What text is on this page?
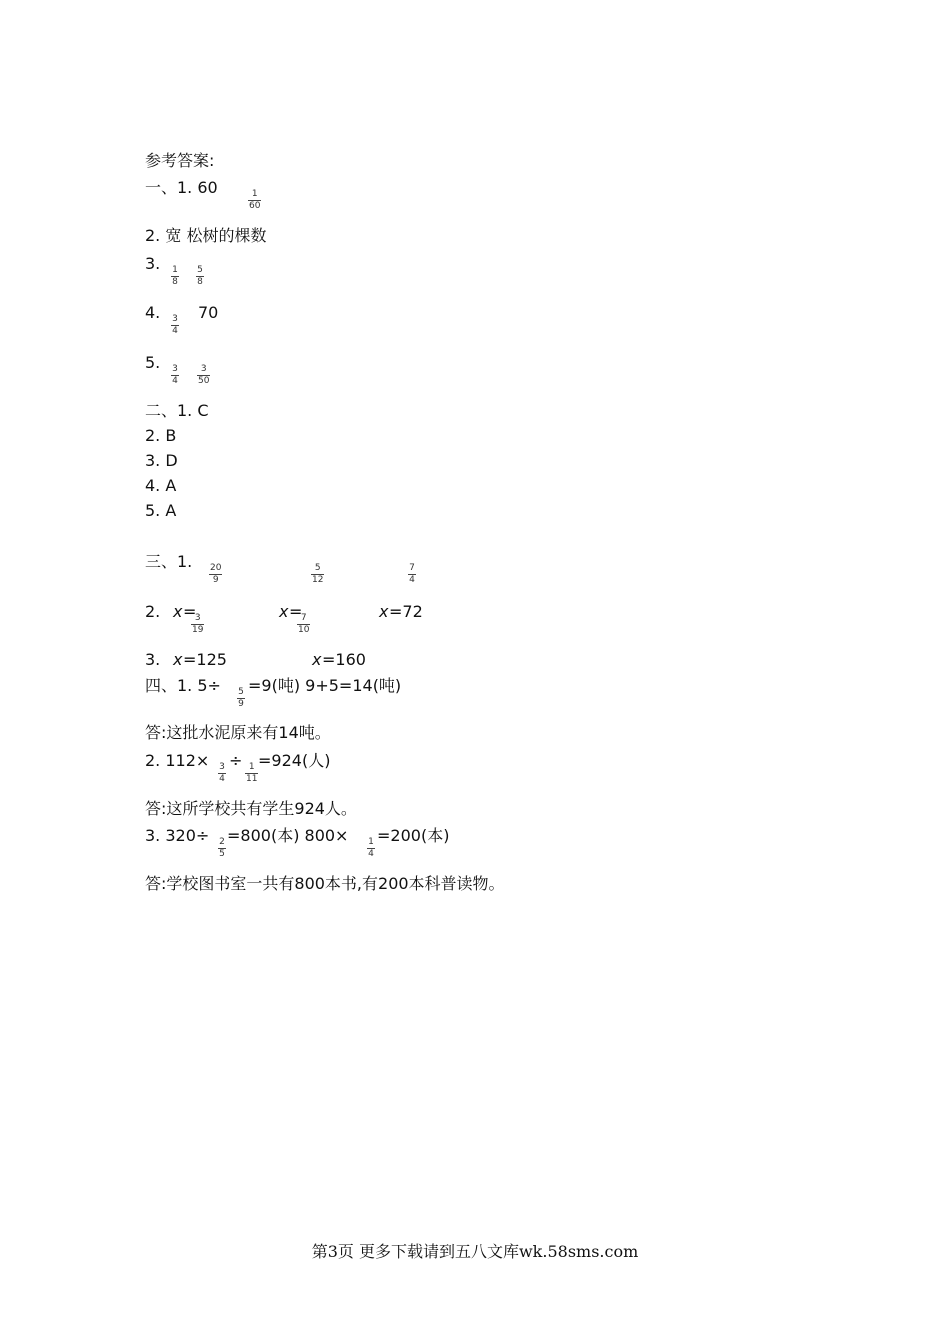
参考答案:
一、1. 60	1
60
2. 宽 松树的棵数
3. 1
8
5
8
4. 3
4
70
5. 3
4
3
50
二、1. C
2. B
3. D
4. A
5. A
三、1. 20
9
5
12
7
4
2. x =
3
19
x =
7
10
x =72
3. x =125	x =160
四、1. 5÷ 5
9
=9(吨) 9+5=14(吨)
答:这批水泥原来有14吨。
2. 112× 3
4
÷ 1
11
=924(人)
答:这所学校共有学生924人。
3. 320÷ 2
5
=800(本) 800× 1
4
=200(本)
答:学校图书室一共有800本书,有200本科普读物。
第3页 更多下载请到五八文库wk.58sms.com
